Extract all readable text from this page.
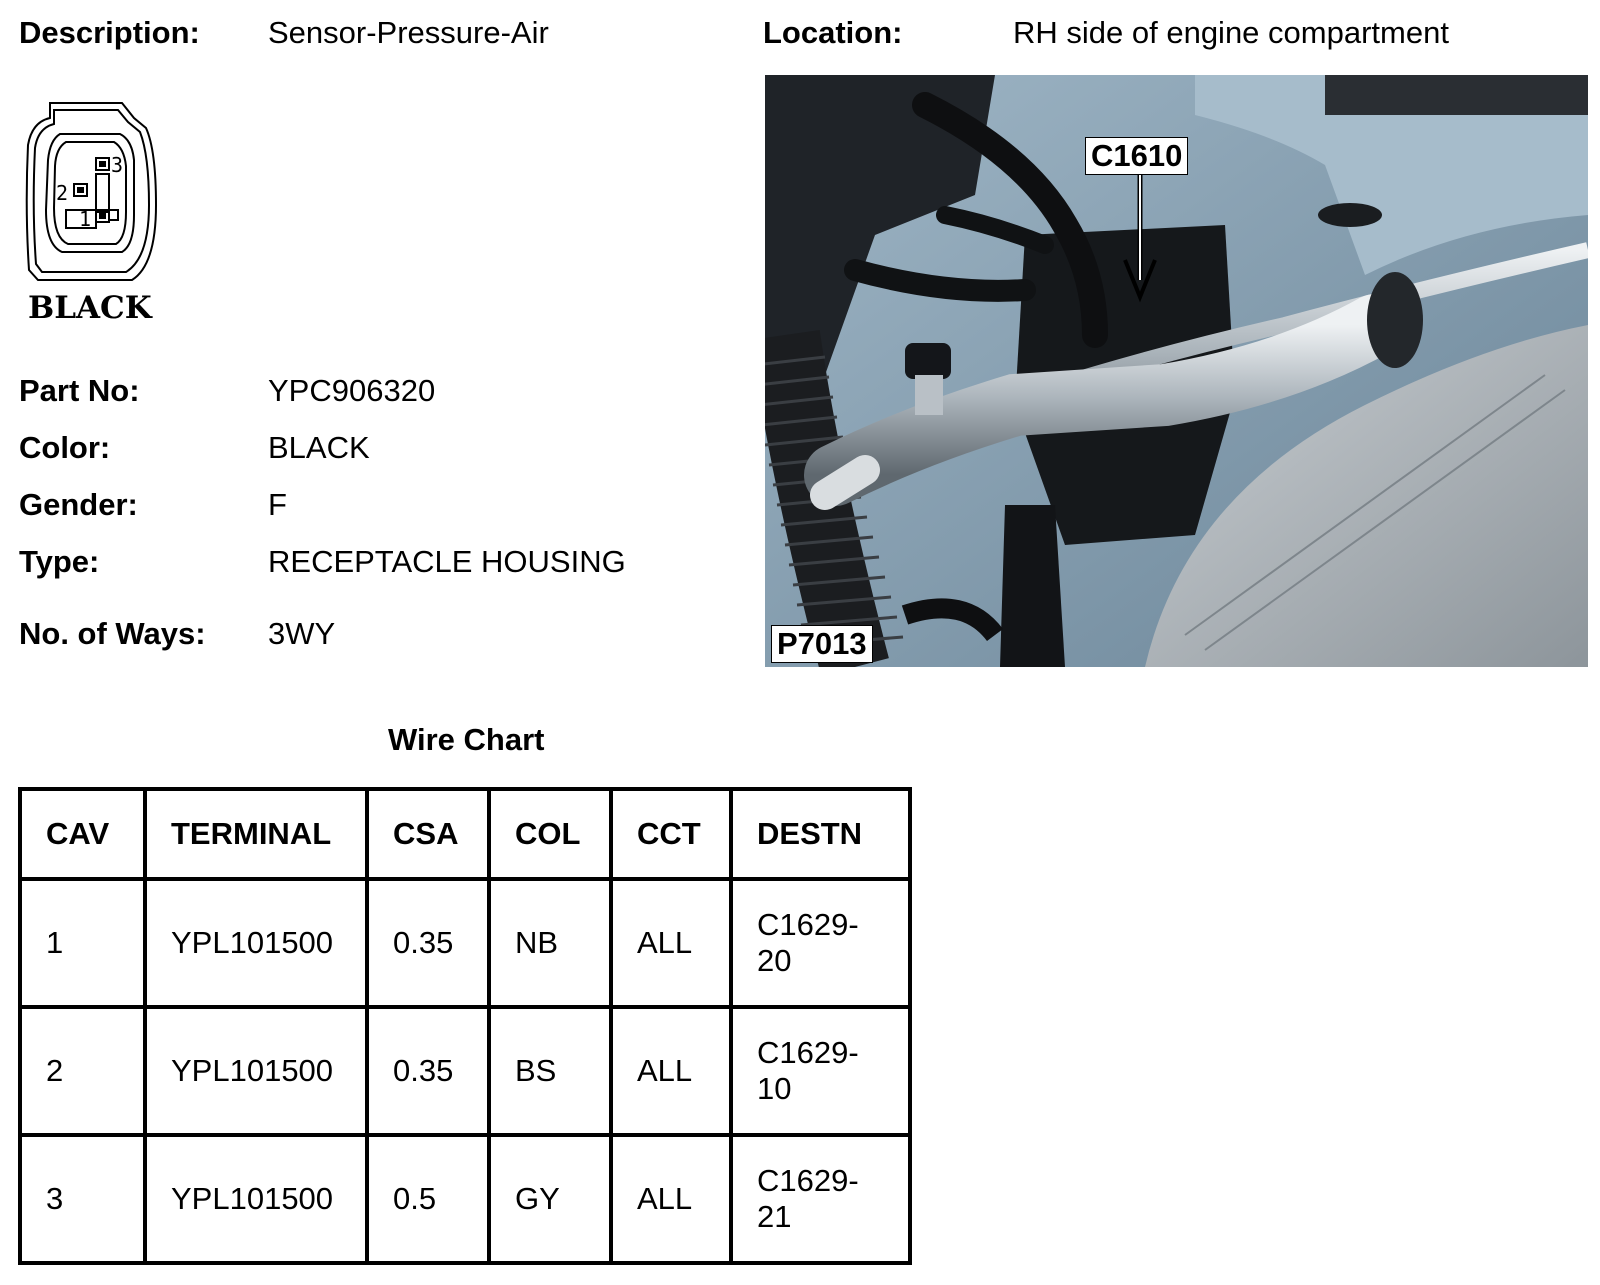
Description: Sensor-Pressure-Air	Location:	RH side of engine compartment
3
2
1
BLACK
Part No:	YPC906320
Color:	BLACK
Gender:	F
Type:	RECEPTACLE HOUSING
No. of Ways: 3WY
C1610
P7013
Wire Chart
CAV	TERMINAL	CSA	COL	CCT	DESTN
1	YPL101500	0.35	NB	ALL	C1629-
20

2	YPL101500	0.35	BS	ALL	C1629-
10

3	YPL101500	0.5	GY	ALL	C1629-
21
